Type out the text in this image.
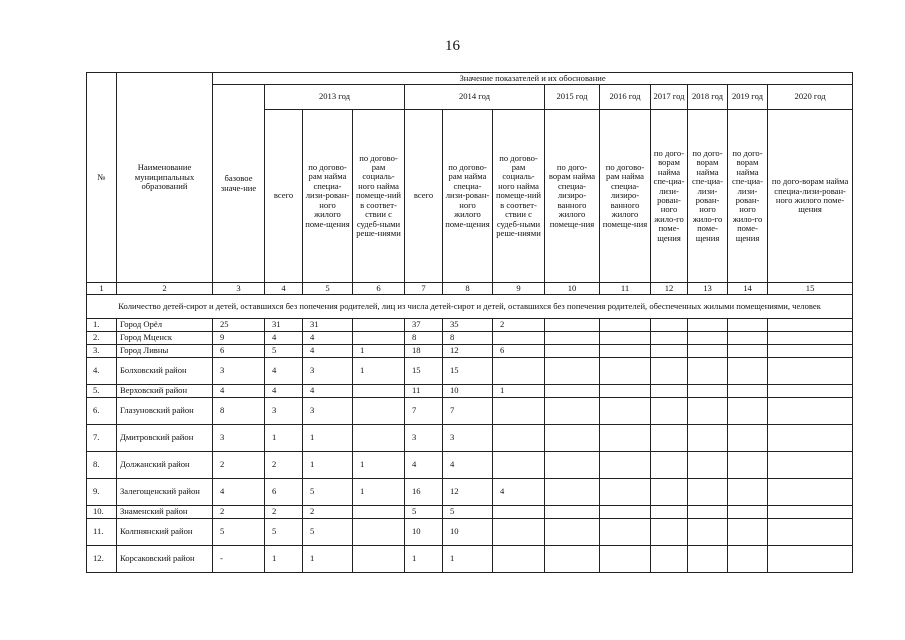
16
№	Наименование муниципальных образований	Значение показателей и их обоснование												
		базовое значе-ние	2013 год			2014 год			2015 год	2016 год	2017 год	2018 год	2019 год	2020 год
			всего	по догово-рам найма специа-лизи-рован-ного жилого поме-щения	по догово-рам социаль-ного найма помеще-ний в соответ-ствии с судеб-ными реше-ниями	всего	по догово-рам найма специа-лизи-рован-ного жилого поме-щения	по догово-рам социаль-ного найма помеще-ний в соответ-ствии с судеб-ными реше-ниями	по дого-ворам найма специа-лизиро-ванного жилого помеще-ния	по догово-рам найма специа-лизиро-ванного жилого помеще-ния	по дого-ворам найма спе-циа-лизи-рован-ного жило-го поме-щения	по дого-ворам найма спе-циа-лизи-рован-ного жило-го поме-щения	по дого-ворам найма спе-циа-лизи-рован-ного жило-го поме-щения	по дого-ворам найма специа-лизи-рован-ного жилого поме-щения
1	2	3	4	5	6	7	8	9	10	11	12	13	14	15
Количество детей-сирот и детей, оставшихся без попечения родителей, лиц из числа детей-сирот и детей, оставшихся без попечения родителей, обеспеченных жилыми помещениями, человек														
1.	Город Орёл	25	31	31		37	35	2						
2.	Город Мценск	9	4	4		8	8							
3.	Город Ливны	6	5	4	1	18	12	6						
4.	Болховский район	3	4	3	1	15	15							
5.	Верховский район	4	4	4		11	10	1						
6.	Глазуновский район	8	3	3		7	7							
7.	Дмитровский район	3	1	1		3	3							
8.	Должанский район	2	2	1	1	4	4							
9.	Залегощенский район	4	6	5	1	16	12	4						
10.	Знаменский район	2	2	2		5	5							
11.	Колпнянский район	5	5	5		10	10							
12.	Корсаковский район	-	1	1		1	1							
